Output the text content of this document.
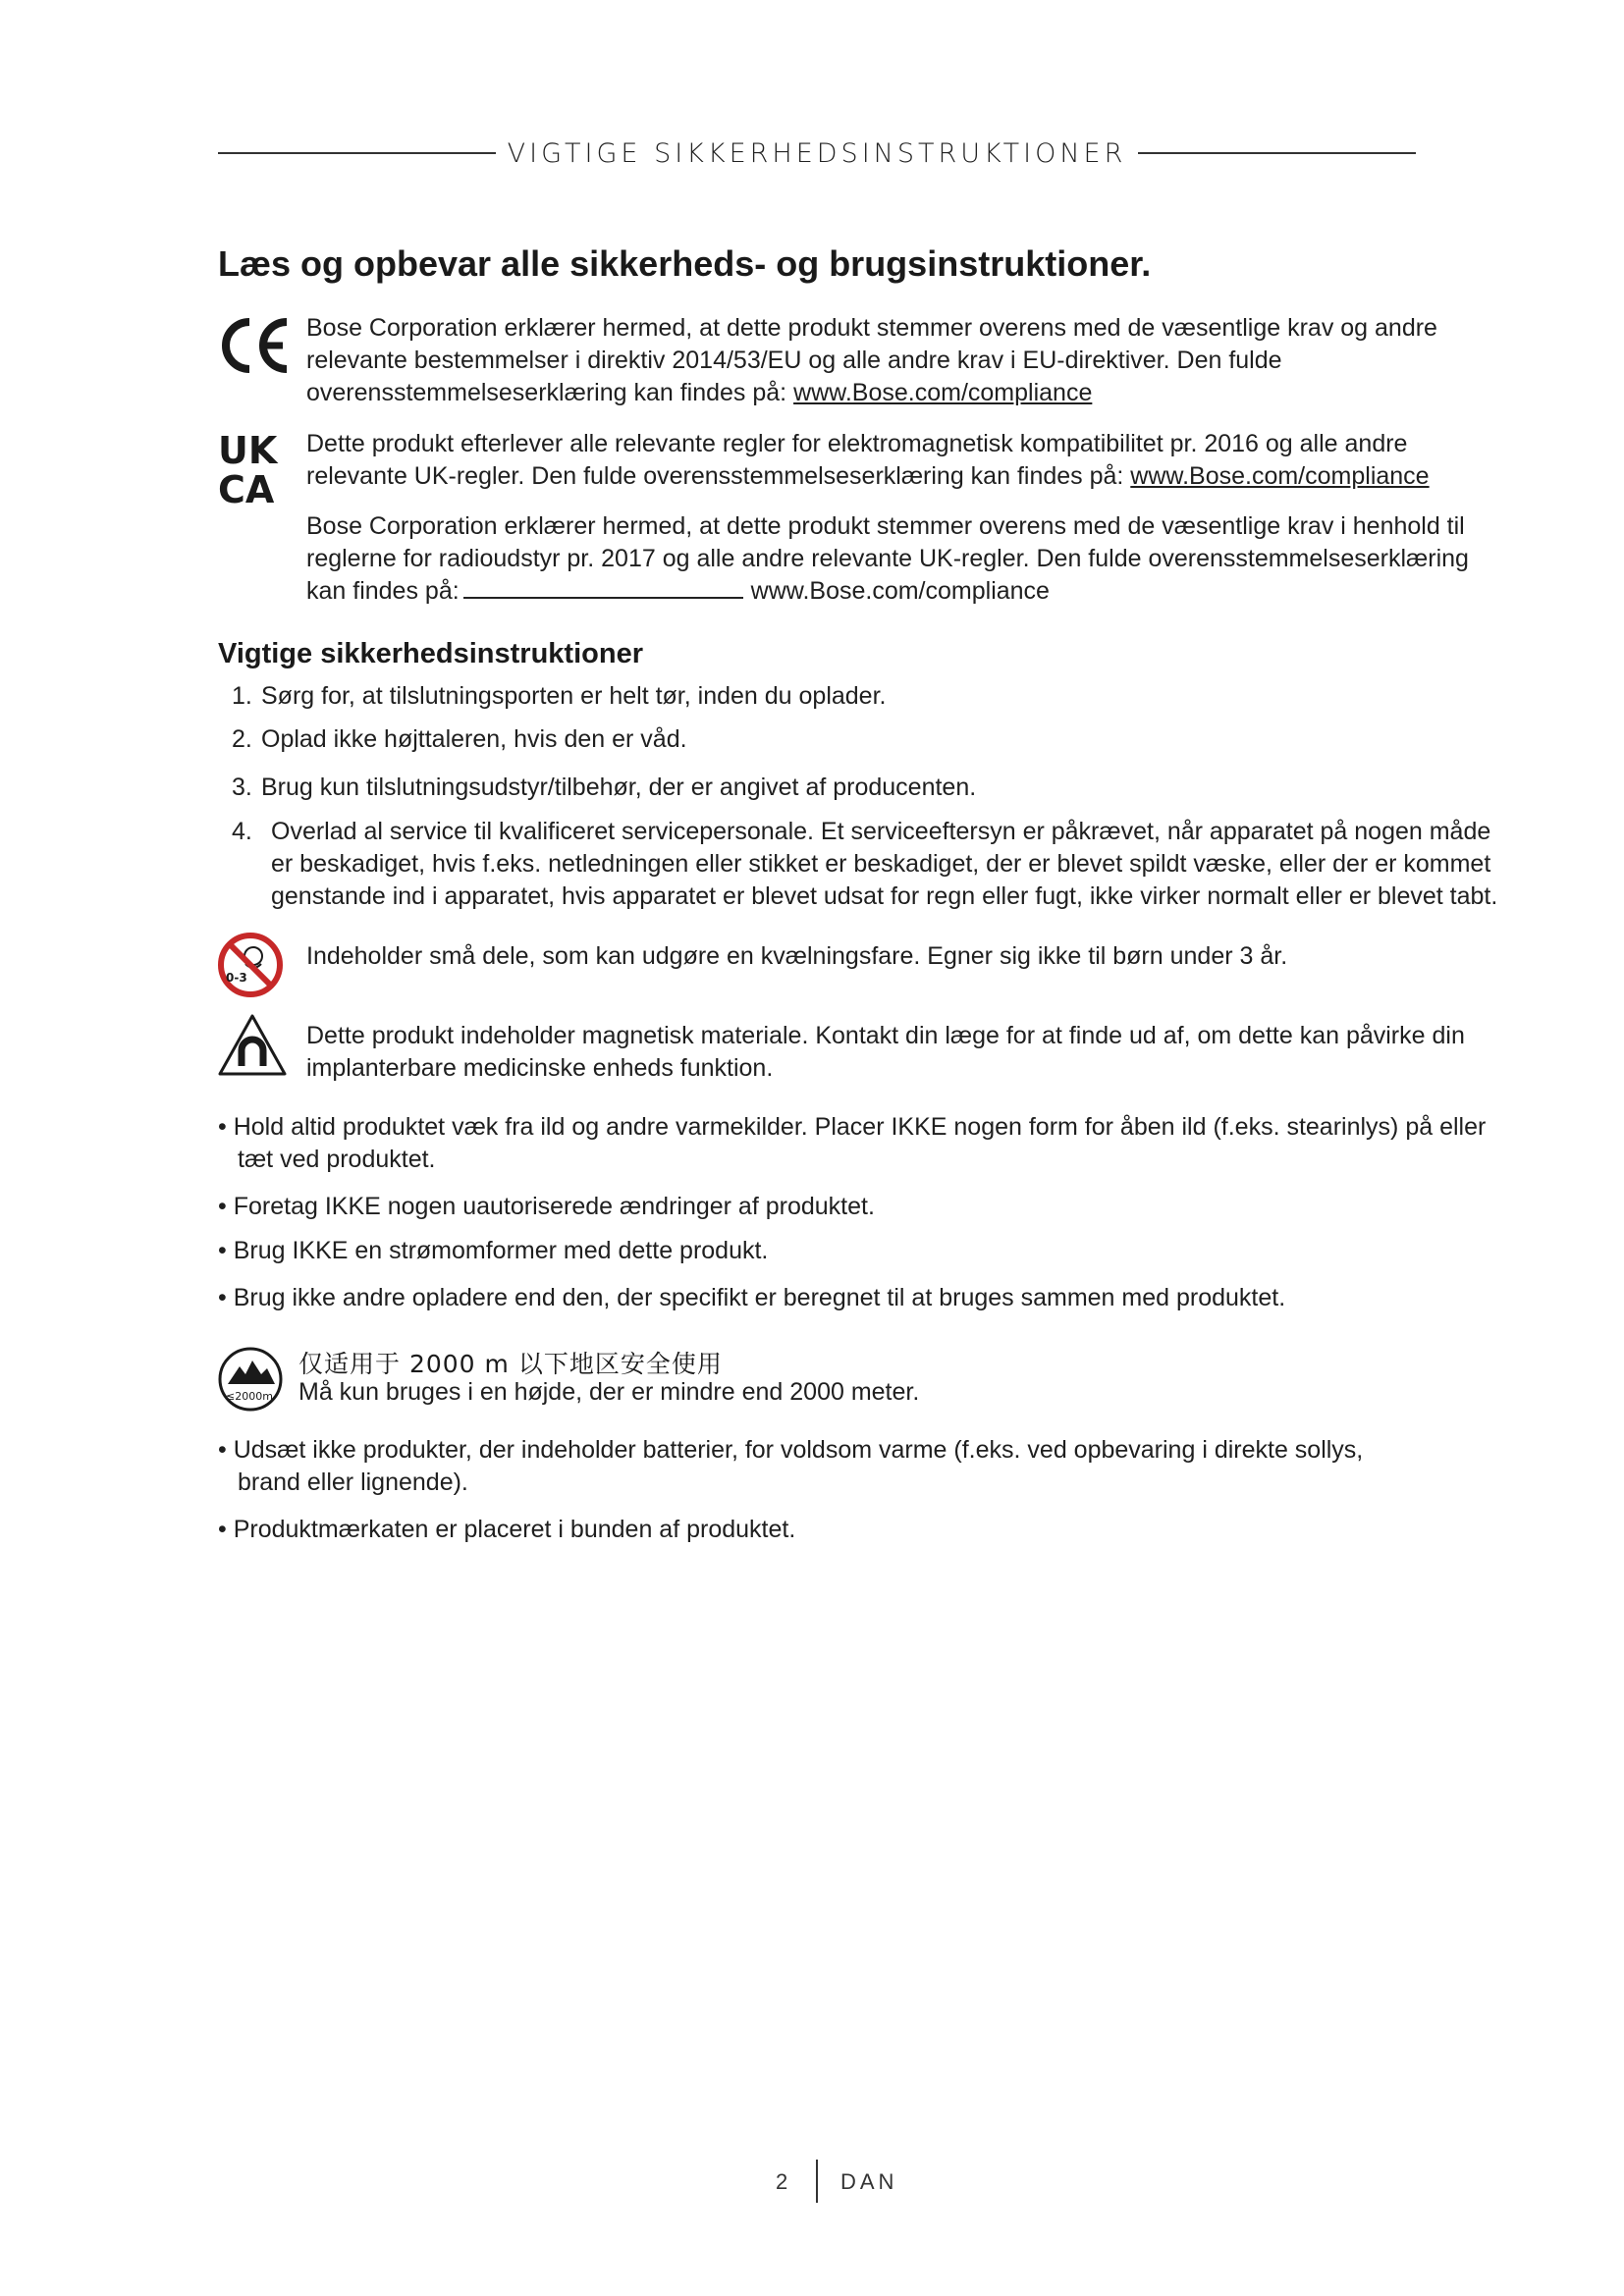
VIGTIGE SIKKERHEDSINSTRUKTIONER
Læs og opbevar alle sikkerheds- og brugsinstruktioner.
Bose Corporation erklærer hermed, at dette produkt stemmer overens med de væsentlige krav og andre
relevante bestemmelser i direktiv 2014/53/EU og alle andre krav i EU-direktiver. Den fulde
overensstemmelseserklæring kan findes på: www.Bose.com/compliance
UK
CA
Dette produkt efterlever alle relevante regler for elektromagnetisk kompatibilitet pr. 2016 og alle andre
relevante UK-regler. Den fulde overensstemmelseserklæring kan findes på: www.Bose.com/compliance
Bose Corporation erklærer hermed, at dette produkt stemmer overens med de væsentlige krav i henhold til
reglerne for radioudstyr pr. 2017 og alle andre relevante UK-regler. Den fulde overensstemmelseserklæring
kan findes på:	www.Bose.com/compliance
Vigtige sikkerhedsinstruktioner
1. Sørg for, at tilslutningsporten er helt tør, inden du oplader.
2. Oplad ikke højttaleren, hvis den er våd.
3. Brug kun tilslutningsudstyr/tilbehør, der er angivet af producenten.
4. Overlad al service til kvalificeret servicepersonale. Et serviceeftersyn er påkrævet, når apparatet på nogen måde
er beskadiget, hvis f.eks. netledningen eller stikket er beskadiget, der er blevet spildt væske, eller der er kommet
genstande ind i apparatet, hvis apparatet er blevet udsat for regn eller fugt, ikke virker normalt eller er blevet tabt.
0-3
Indeholder små dele, som kan udgøre en kvælningsfare. Egner sig ikke til børn under 3 år.
Dette produkt indeholder magnetisk materiale. Kontakt din læge for at finde ud af, om dette kan påvirke din
implanterbare medicinske enheds funktion.
• Hold altid produktet væk fra ild og andre varmekilder. Placer IKKE nogen form for åben ild (f.eks. stearinlys) på eller
tæt ved produktet.
• Foretag IKKE nogen uautoriserede ændringer af produktet.
• Brug IKKE en strømomformer med dette produkt.
• Brug ikke andre opladere end den, der specifikt er beregnet til at bruges sammen med produktet.
≤2000m
仅适用于 2000 m 以下地区安全使用
Må kun bruges i en højde, der er mindre end 2000 meter.
• Udsæt ikke produkter, der indeholder batterier, for voldsom varme (f.eks. ved opbevaring i direkte sollys,
brand eller lignende).
• Produktmærkaten er placeret i bunden af produktet.
2 DAN
